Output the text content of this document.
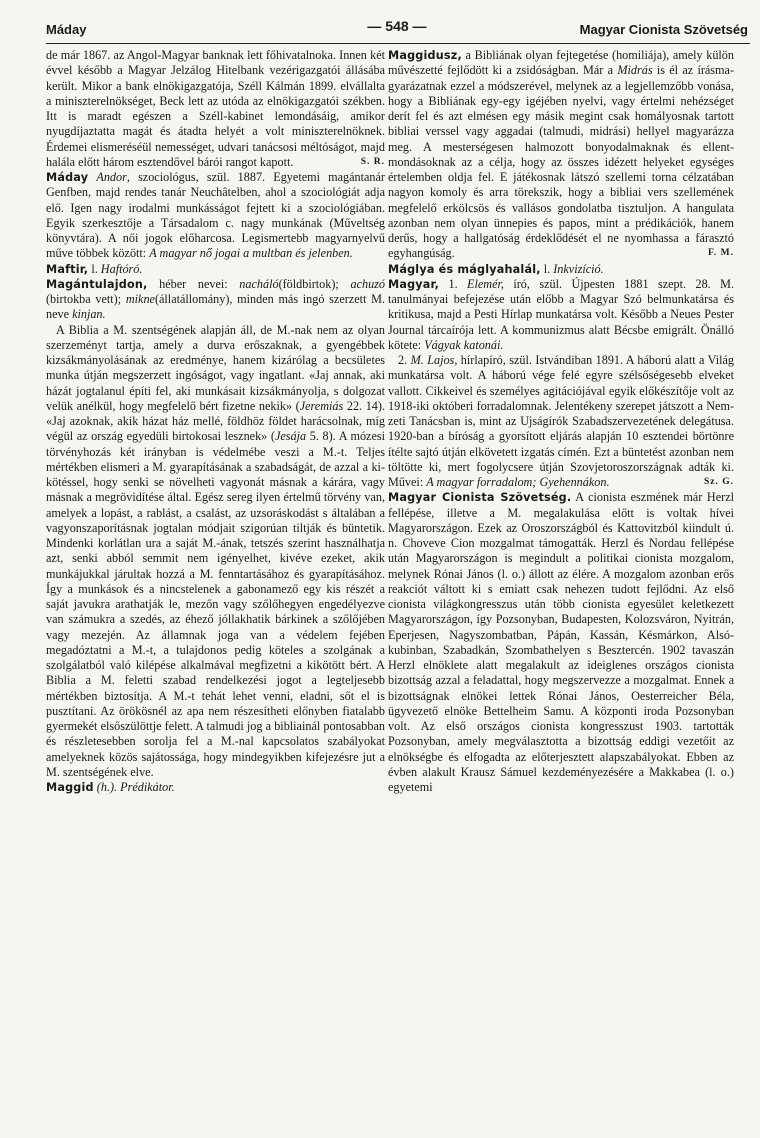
Máday	— 548 —	Magyar Cionista Szövetség

de már 1867. az Angol-Magyar banknak lett főhivatalnoka. Innen két évvel később a Magyar Jelzálog Hitelbank vezérigazgatói állásába került. Mikor a bank elnökigazgatója, Széll Kálmán 1899. elvállalta a miniszterelnökséget, Beck lett az utóda az elnökigazgatói székben. Itt is maradt egészen a Széll-kabinet lemondásáig, amikor nyugdíjaztatta magát és átadta helyét a volt miniszterelnöknek. Érdemei elismeréséül nemességet, udvari tanácsosi méltóságot, majd halála előtt három esztendővel bárói rangot kapott.	S. R.

Máday Andor, szociológus, szül. 1887. Egyetemi magántanár Genfben, majd rendes tanár Neuchâtelben, ahol a szociológiát adja elő. Igen nagy irodalmi munkásságot fejtett ki a szociológiában. Egyik szerkesztője a Társadalom c. nagy munkának (Műveltség könyvtára). A női jogok előharcosa. Legismertebb magyarnyelvű műve többek között: A magyar nő jogai a multban és jelenben.

Maftir, l. Haftóró.

Magántulajdon, héber nevei: nacháló(földbirtok); achuzó (birtokba vett); mikne(állatállomány), minden más ingó szerzett M. neve kinjan.

A Biblia a M. szentségének alapján áll, de M.-nak nem az olyan szerzeményt tartja, amely a durva erőszaknak, a gyengébbek kizsákmányolásának az eredménye, hanem kizárólag a becsületes munka útján megszerzett ingóságot, vagy ingatlant. «Jaj annak, aki házát jogtalanul építi fel, aki munkásait kizsákmányolja, s dolgozat velük anélkül, hogy megfelelő bért fizetne nekik» (Jeremiás 22. 14). «Jaj azoknak, akik házat ház mellé, földhöz földet harácsolnak, míg végül az ország egyedüli birtokosai lesznek» (Jesája 5. 8). A mózesi törvényhozás két irányban is védelmébe veszi a M.-t. Teljes mértékben elismeri a M. gyarapításának a szabadságát, de azzal a kikötéssel, hogy senki se növelheti vagyonát másnak a kárára, vagy másnak a megrövidítése által. Egész sereg ilyen értelmű törvény van, amelyek a lopást, a rablást, a csalást, az uzsoráskodást s általában a vagyonszaporításnak jogtalan módjait szigorúan tiltják és büntetik. Mindenki korlátlan ura a saját M.-ának, tetszés szerint használhatja azt, senki abból semmit nem igényelhet, kivéve ezeket, akik munkájukkal járultak hozzá a M. fenntartásához és gyarapításához. Így a munkások és a nincstelenek a gabonamező egy kis részét a saját javukra arathatják le, mezőn vagy szőlőhegyen engedélyezve van számukra a szedés, az éhező jóllakhatik bárkinek a szőlőjében vagy mezején. Az államnak joga van a védelem fejében megadóztatni a M.-t, a tulajdonos pedig köteles a szolgának a szolgálatból való kilépése alkalmával megfizetni a kikötött bért. A Biblia a M. feletti szabad rendelkezési jogot a legteljesebb mértékben biztosítja. A M.-t tehát lehet venni, eladni, sőt el is pusztítani. Az örökösnél az apa nem részesítheti előnyben fiatalabb gyermekét elsőszülöttje felett. A talmudi jog a bibliainál pontosabban és részletesebben sorolja fel a M.-nal kapcsolatos szabályokat amelyeknek közös sajátossága, hogy mindegyikben kifejezésre jut a M. szentségének elve.

Maggid (h.). Prédikátor.

Maggidusz, a Bibliának olyan fejtegetése (homiliája), amely külön művészetté fejlődött ki a zsidóságban. Már a Midrás is él az írásmagyarázatnak ezzel a módszerével, melynek az a legjellemzőbb vonása, hogy a Bibliának egy-egy igéjében nyelvi, vagy értelmi nehézséget derít fel és azt elmésen egy másik megint csak homályosnak tartott bibliai verssel vagy aggadai (talmudi, midrási) hellyel magyarázza meg. A mesterségesen halmozott bonyodalmaknak és ellentmondásoknak az a célja, hogy az összes idézett helyeket egységes értelemben oldja fel. E játékosnak látszó szellemi torna célzatában nagyon komoly és arra törekszik, hogy a bibliai vers szellemének megfelelő erkölcsös és vallásos gondolatba tisztuljon. A hangulata azonban nem olyan ünnepies és papos, mint a prédikációk, hanem derűs, hogy a hallgatóság érdeklődését el ne nyomhassa a fárasztó egyhangúság.	F. M.

Máglya és máglyahalál, l. Inkvizíció.

Magyar, 1. Elemér, író, szül. Újpesten 1881 szept. 28. M. tanulmányai befejezése után előbb a Magyar Szó belmunkatársa és kritikusa, majd a Pesti Hírlap munkatársa volt. Később a Neues Pester Journal tárcaírója lett. A kommunizmus alatt Bécsbe emigrált. Önálló kötete: Vágyak katonái.

2. M. Lajos, hírlapíró, szül. Istvándiban 1891. A háború alatt a Világ munkatársa volt. A háború vége felé egyre szélsőségesebb elveket vallott. Cikkeivel és személyes agitációjával egyik előkészítője volt az 1918-iki októberi forradalomnak. Jelentékeny szerepet játszott a Nemzeti Tanácsban is, mint az Ujságírók Szabadszervezetének delegátusa. 1920-ban a bíróság a gyorsított eljárás alapján 10 esztendei börtönre ítélte sajtó útján elkövetett izgatás címén. Ezt a büntetést azonban nem töltötte ki, mert fogolycsere útján Szovjetoroszországnak adták ki. Művei: A magyar forradalom; Gyehennákon.	Sz. G.

Magyar Cionista Szövetség. A cionista eszmének már Herzl fellépése, illetve a M. megalakulása előtt is voltak hívei Magyarországon. Ezek az Oroszországból és Kattovitzból kiindult ú. n. Choveve Cion mozgalmat támogatták. Herzl és Nordau fellépése után Magyarországon is megindult a politikai cionista mozgalom, melynek Rónai János (l. o.) állott az élére. A mozgalom azonban erős reakciót váltott ki s emiatt csak nehezen tudott fejlődni. Az első cionista világkongresszus után több cionista egyesület keletkezett Magyarországon, így Pozsonyban, Budapesten, Kolozsváron, Nyitrán, Eperjesen, Nagyszombatban, Pápán, Kassán, Késmárkon, Alsókubinban, Szabadkán, Szombathelyen s Besztercén. 1902 tavaszán Herzl elnöklete alatt megalakult az ideiglenes országos cionista bizottság azzal a feladattal, hogy megszervezze a mozgalmat. Ennek a bizottságnak elnökei lettek Rónai János, Oesterreicher Béla, ügyvezető elnöke Bettelheim Samu. A központi iroda Pozsonyban volt. Az első országos cionista kongresszust 1903. tartották Pozsonyban, amely megválasztotta a bizottság eddigi vezetőit az elnökségbe és elfogadta az előterjesztett alapszabályokat. Ebben az évben alakult Krausz Sámuel kezdeményezésére a Makkabea (l. o.) egyetemi
